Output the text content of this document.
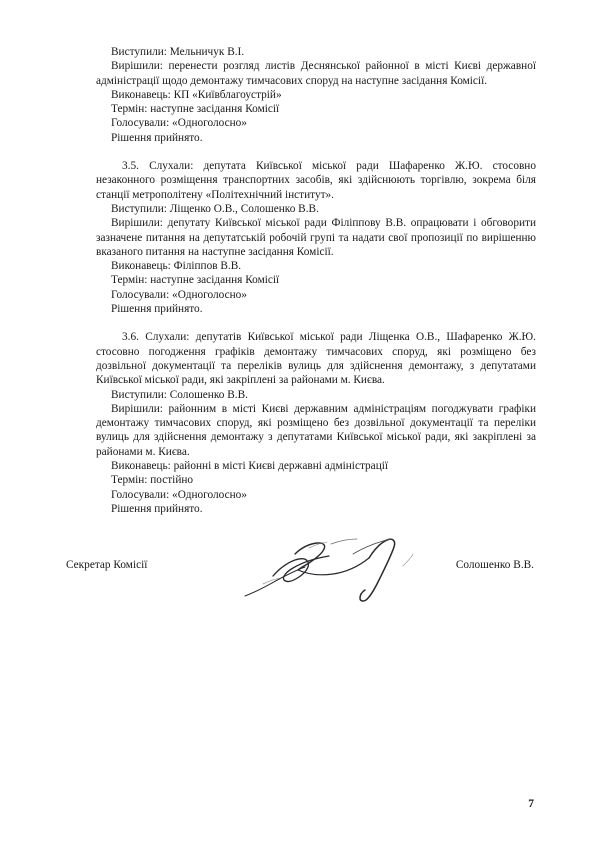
Виступили: Мельничук В.І.

Вирішили: перенести розгляд листів Деснянської районної в місті Києві державної адміністрації щодо демонтажу тимчасових споруд на наступне засідання Комісії.

Виконавець: КП «Київблагоустрій»

Термін: наступне засідання Комісії

Голосували: «Одноголосно»

Рішення прийнято.

3.5. Слухали: депутата Київської міської ради Шафаренко Ж.Ю. стосовно незаконного розміщення транспортних засобів, які здійснюють торгівлю, зокрема біля станції метрополітену «Політехнічний інститут».

Виступили: Ліщенко О.В., Солошенко В.В.

Вирішили: депутату Київської міської ради Філіппову В.В. опрацювати і обговорити зазначене питання на депутатській робочій групі та надати свої пропозиції по вирішенню вказаного питання на наступне засідання Комісії.

Виконавець: Філіппов В.В.

Термін: наступне засідання Комісії

Голосували: «Одноголосно»

Рішення прийнято.

3.6. Слухали: депутатів Київської міської ради Ліщенка О.В., Шафаренко Ж.Ю. стосовно погодження графіків демонтажу тимчасових споруд, які розміщено без дозвільної документації та переліків вулиць для здійснення демонтажу, з депутатами Київської міської ради, які закріплені за районами м. Києва.

Виступили: Солошенко В.В.

Вирішили: районним в місті Києві державним адміністраціям погоджувати графіки демонтажу тимчасових споруд, які розміщено без дозвільної документації та переліки вулиць для здійснення демонтажу з депутатами Київської міської ради, які закріплені за районами м. Києва.

Виконавець: районні в місті Києві державні адміністрації

Термін: постійно

Голосували: «Одноголосно»

Рішення прийнято.

Секретар Комісії	Солошенко В.В.
7
